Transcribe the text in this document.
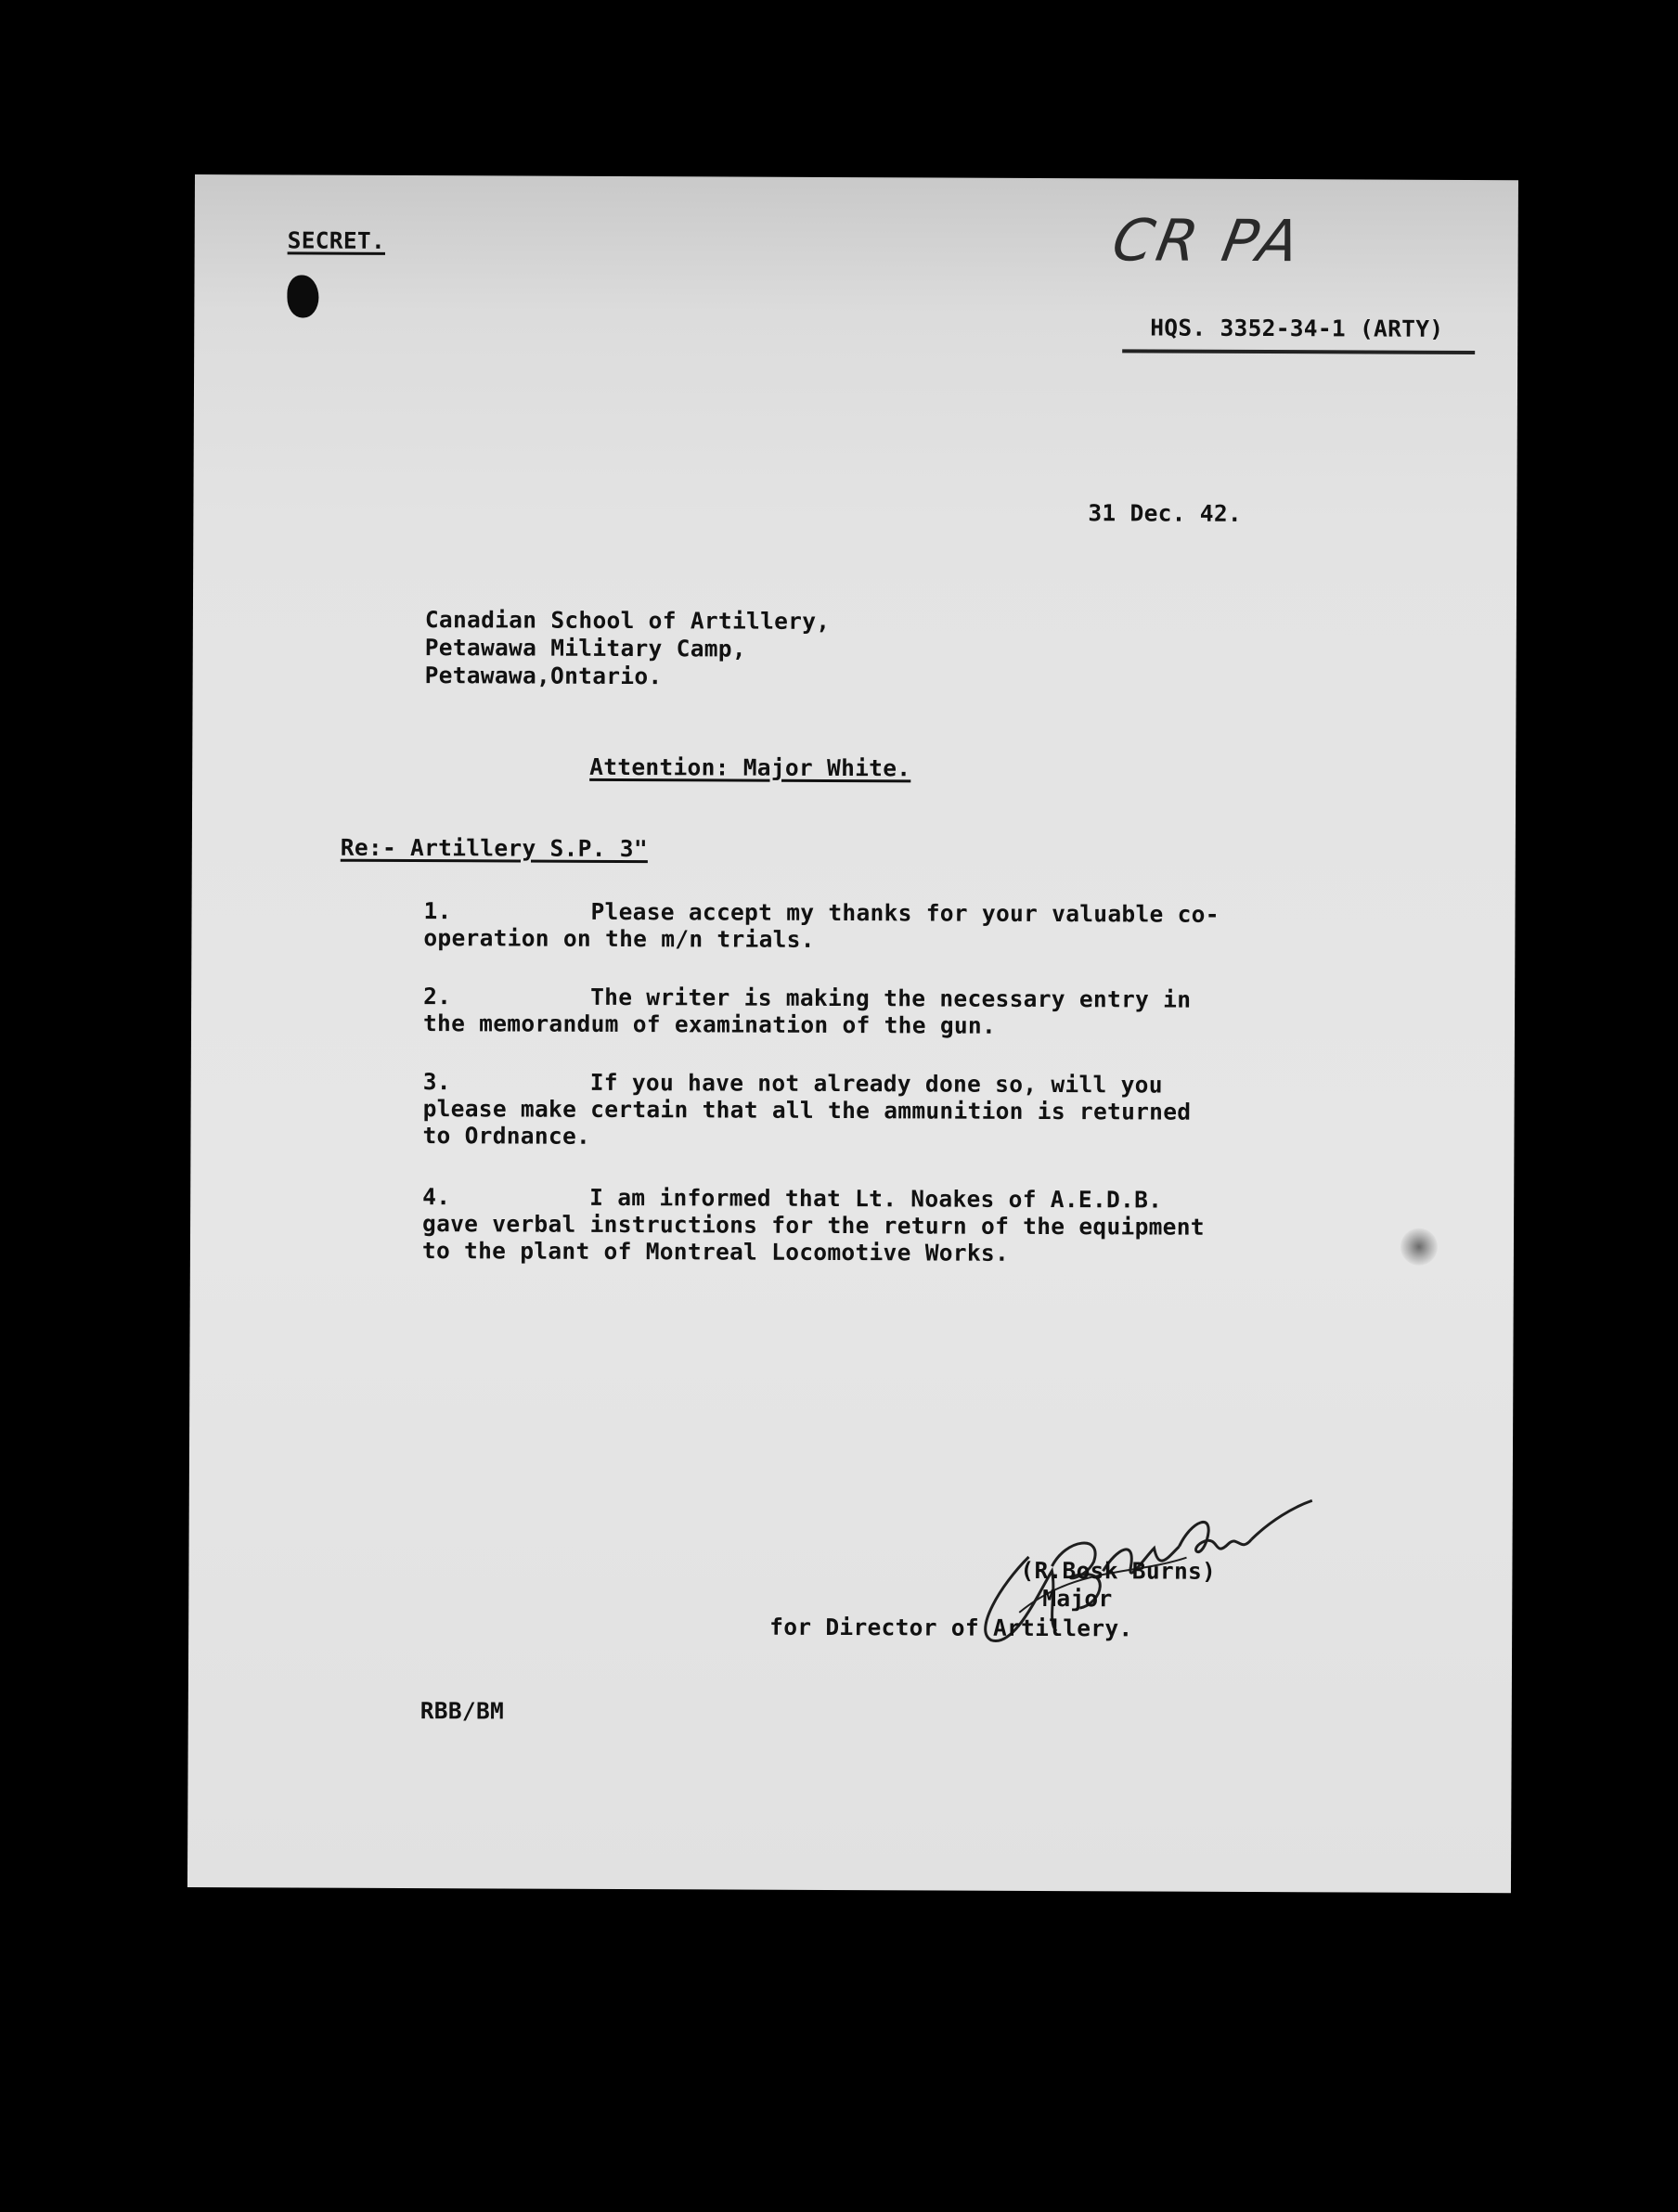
SECRET.	CR PA
HQS. 3352-34-1 (ARTY)
31 Dec. 42.
Canadian School of Artillery,
Petawawa Military Camp,
Petawawa,Ontario.
Attention: Major White.
Re:- Artillery S.P. 3"
1.	Please accept my thanks for your valuable co-
operation on the m/n trials.
2.	The writer is making the necessary entry in
the memorandum of examination of the gun.
3.	If you have not already done so, will you
please make certain that all the ammunition is returned
to Ordnance.
4.	I am informed that Lt. Noakes of A.E.D.B.
gave verbal instructions for the return of the equipment
to the plant of Montreal Locomotive Works.
(R.Bosk Burns)
Major
for Director of Artillery.
RBB/BM
